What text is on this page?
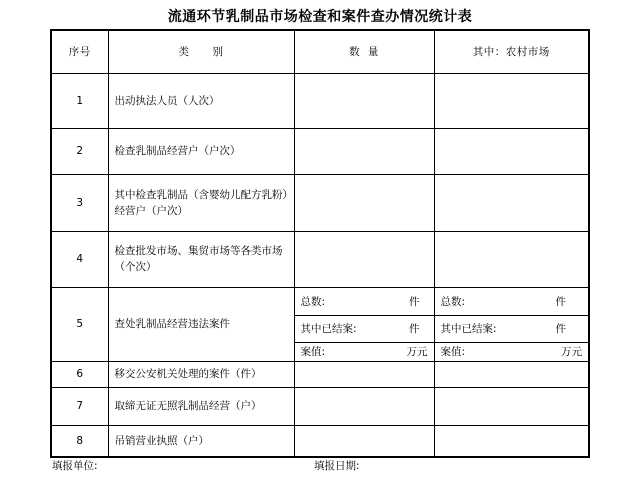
流通环节乳制品市场检查和案件查办情况统计表
序号	类      别	数  量	其中：农村市场
1	出动执法人员（人次）		
2	检查乳制品经营户（户次）		
3	其中检查乳制品（含婴幼儿配方乳粉）经营户（户次）		
4	检查批发市场、集贸市场等各类市场（个次）		
5	查处乳制品经营违法案件	总数: 件	总数: 件

		其中已结案: 件	其中已结案: 件

		案值: 万元	案值: 万元

6	移交公安机关处理的案件（件）		
7	取缔无证无照乳制品经营（户）		
8	吊销营业执照（户）		
填报单位:	填报日期:
